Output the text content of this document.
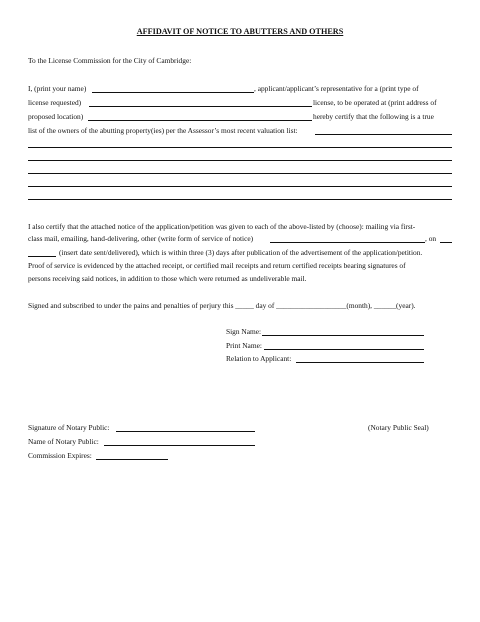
AFFIDAVIT OF NOTICE TO ABUTTERS AND OTHERS
To the License Commission for the City of Cambridge:
I, (print your name)	, applicant/applicant’s representative for a (print type of
license requested)	license, to be operated at (print address of
proposed location)	hereby certify that the following is a true
list of the owners of the abutting property(ies) per the Assessor’s most recent valuation list:
I also certify that the attached notice of the application/petition was given to each of the above-listed by (choose): mailing via first-
class mail, emailing, hand-delivering, other (write form of service of notice)	, on
(insert date sent/delivered), which is within three (3) days after publication of the advertisement of the application/petition.
Proof of service is evidenced by the attached receipt, or certified mail receipts and return certified receipts bearing signatures of
persons receiving said notices, in addition to those which were returned as undeliverable mail.
Signed and subscribed to under the pains and penalties of perjury this _____ day of ___________________(month), ______(year).
Sign Name:
Print Name:
Relation to Applicant:
Signature of Notary Public:	(Notary Public Seal)
Name of Notary Public:
Commission Expires:
